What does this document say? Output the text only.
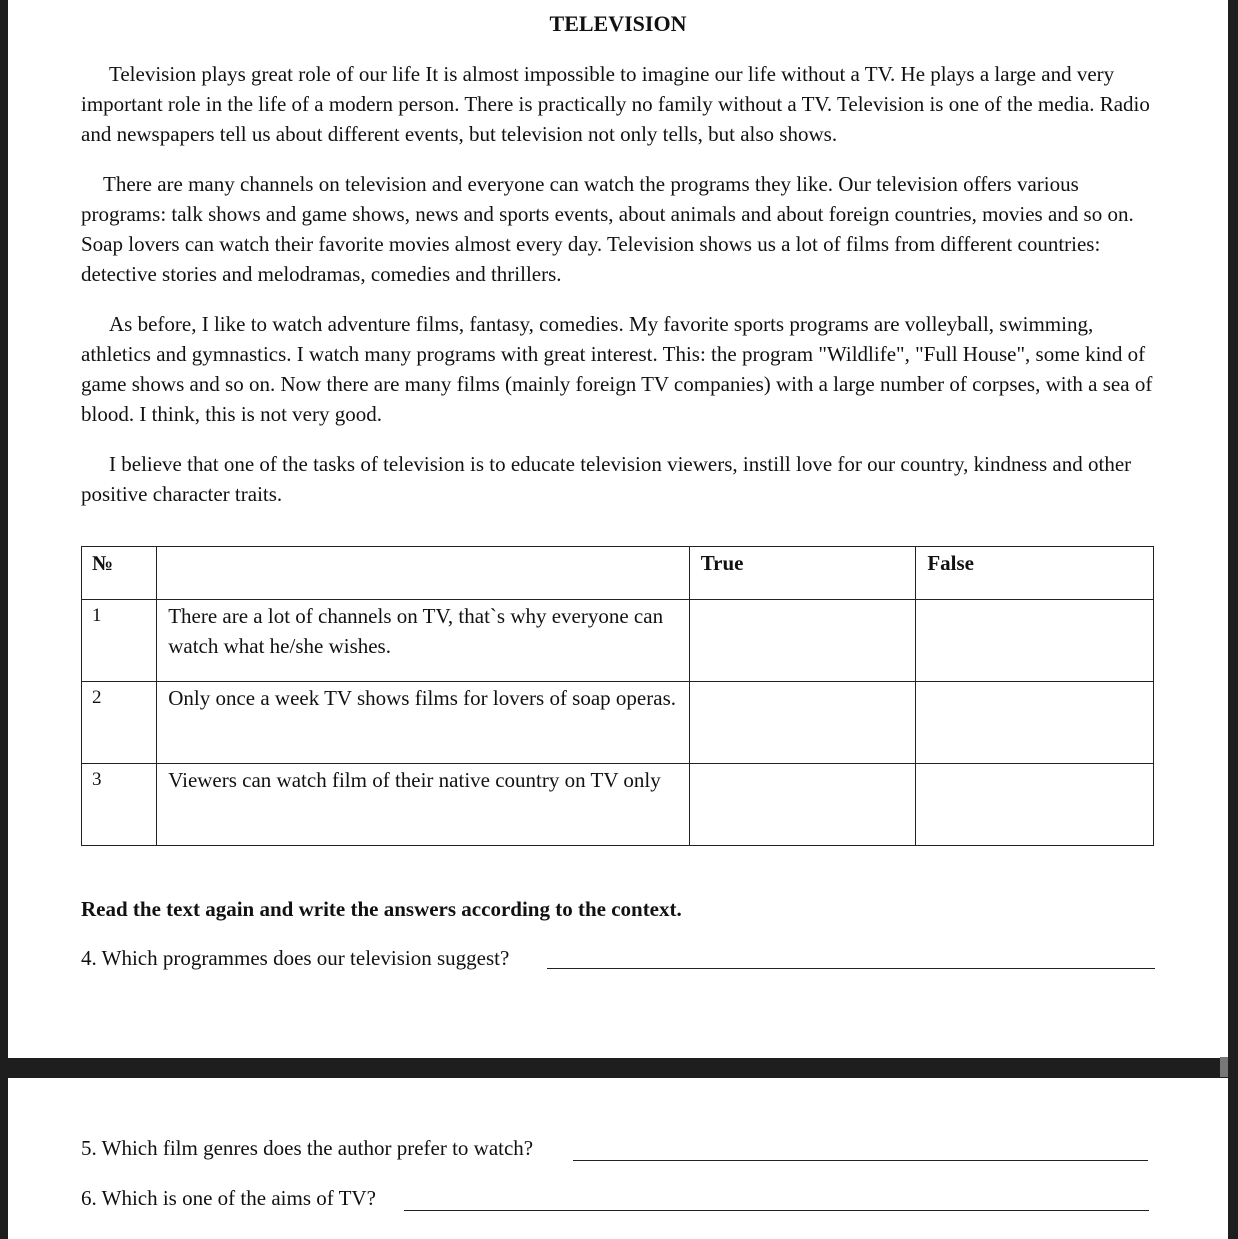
TELEVISION

Television plays great role of our life It is almost impossible to imagine our life without a TV. He plays a large and very important role in the life of a modern person. There is practically no family without a TV. Television is one of the media. Radio and newspapers tell us about different events, but television not only tells, but also shows.

There are many channels on television and everyone can watch the programs they like. Our television offers various programs: talk shows and game shows, news and sports events, about animals and about foreign countries, movies and so on. Soap lovers can watch their favorite movies almost every day. Television shows us a lot of films from different countries: detective stories and melodramas, comedies and thrillers.

As before, I like to watch adventure films, fantasy, comedies. My favorite sports programs are volleyball, swimming, athletics and gymnastics. I watch many programs with great interest. This: the program "Wildlife", "Full House", some kind of game shows and so on. Now there are many films (mainly foreign TV companies) with a large number of corpses, with a sea of blood. I think, this is not very good.

I believe that one of the tasks of television is to educate television viewers, instill love for our country, kindness and other positive character traits.

№		True	False
1	There are a lot of channels on TV, that`s why everyone can watch what he/she wishes.		
2	Only once a week TV shows films for lovers of soap operas.		
3	Viewers can watch film of their native country on TV only		
Read the text again and write the answers according to the context.
4. Which programmes does our television suggest?
5. Which film genres does the author prefer to watch?
6. Which is one of the aims of TV?
